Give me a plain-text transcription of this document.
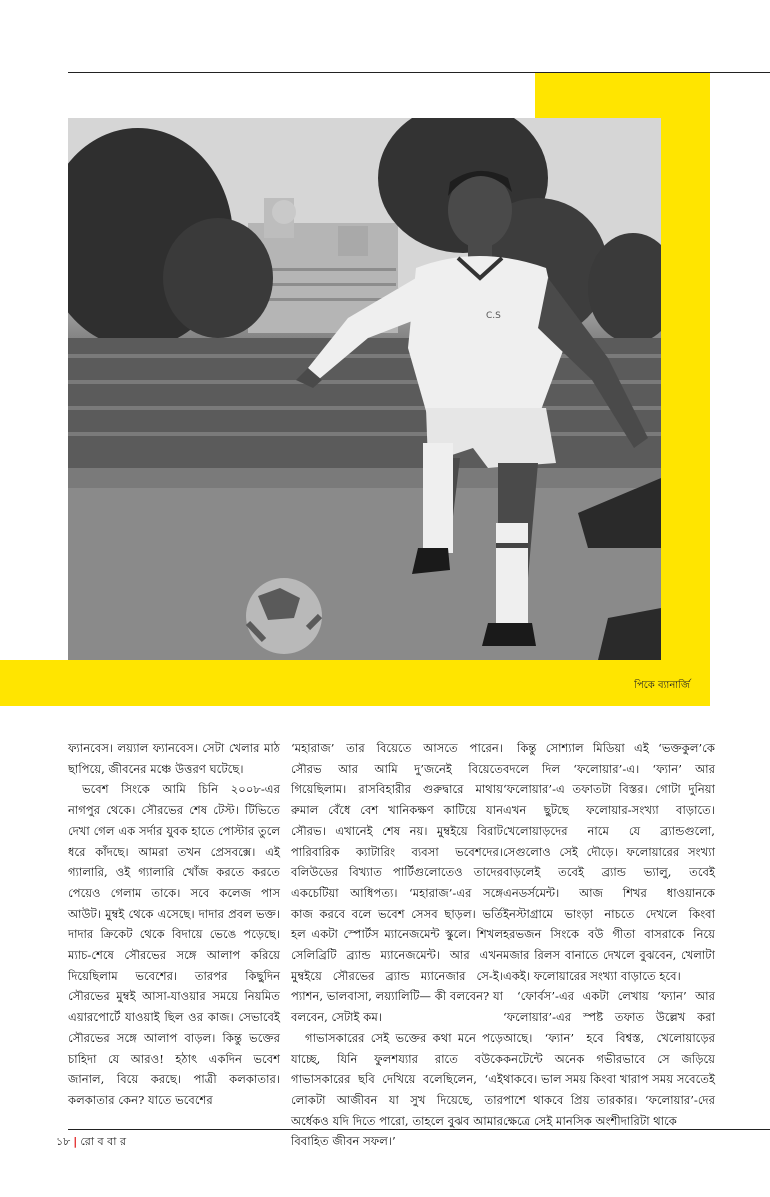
C.S
পিকে ব্যানার্জি

ফ্যানবেস। লয়্যাল ফ্যানবেস। সেটা খেলার মাঠ ছাপিয়ে, জীবনের মঞ্চে উত্তরণ ঘটেছে।

ভবেশ সিংকে আমি চিনি ২০০৮-এর নাগপুর থেকে। সৌরভের শেষ টেস্ট। টিভিতে দেখা গেল এক সর্দার যুবক হাতে পোস্টার তুলে ধরে কাঁদছে। আমরা তখন প্রেসবক্সে। এই গ্যালারি, ওই গ্যালারি খোঁজ করতে করতে পেয়েও গেলাম তাকে। সবে কলেজ পাস আউট। মুম্বই থেকে এসেছে। দাদার প্রবল ভক্ত। দাদার ক্রিকেট থেকে বিদায়ে ভেঙে পড়েছে। ম্যাচ-শেষে সৌরভের সঙ্গে আলাপ করিয়ে দিয়েছিলাম ভবেশের। তারপর কিছুদিন সৌরভের মুম্বই আসা-যাওয়ার সময়ে নিয়মিত এয়ারপোর্টে যাওয়াই ছিল ওর কাজ। সেভাবেই সৌরভের সঙ্গে আলাপ বাড়ল। কিন্তু ভক্তের চাহিদা যে আরও! হঠাৎ একদিন ভবেশ জানাল, বিয়ে করছে। পাত্রী কলকাতার। কলকাতার কেন? যাতে ভবেশের

‘মহারাজ’ তার বিয়েতে আসতে পারেন। সৌরভ আর আমি দু’জনেই বিয়েতে গিয়েছিলাম। রাসবিহারীর গুরুদ্বারে মাথায় রুমাল বেঁধে বেশ খানিকক্ষণ কাটিয়ে যান সৌরভ। এখানেই শেষ নয়। মুম্বইয়ে বিরাট পারিবারিক ক্যাটারিং ব্যবসা ভবেশদের। বলিউডের বিখ্যাত পার্টিগুলোতেও তাদের একচেটিয়া আধিপত্য। ‘মহারাজ’-এর সঙ্গে কাজ করবে বলে ভবেশ সেসব ছাড়ল। ভর্তি হল একটা স্পোর্টস ম্যানেজমেন্ট স্কুলে। শিখল সেলিব্রিটি ব্র্যান্ড ম্যানেজমেন্ট। আর এখন মুম্বইয়ে সৌরভের ব্র্যান্ড ম্যানেজার সে-ই। প্যাশন, ভালবাসা, লয়্যালিটি— কী বলবেন? যা বলবেন, সেটাই কম।

গাভাসকারের সেই ভক্তের কথা মনে পড়ে যাচ্ছে, যিনি ফুলশয্যার রাতে বউকে গাভাসকারের ছবি দেখিয়ে বলেছিলেন, ‘এই লোকটা আজীবন যা সুখ দিয়েছে, তার অর্ধেকও যদি দিতে পারো, তাহলে বুঝব আমার বিবাহিত জীবন সফল।’

কিন্তু সোশ্যাল মিডিয়া এই ‘ভক্তকুল’কে বদলে দিল ‘ফলোয়ার’-এ। ‘ফ্যান’ আর ‘ফলোয়ার’-এ তফাতটা বিস্তর। গোটা দুনিয়া এখন ছুটছে ফলোয়ার-সংখ্যা বাড়াতে। খেলোয়াড়দের নামে যে ব্র্যান্ডগুলো, সেগুলোও সেই দৌড়ে। ফলোয়ারের সংখ্যা বাড়লেই তবেই ব্র্যান্ড ভ্যালু, তবেই এনডর্সমেন্ট। আজ শিখর ধাওয়ানকে ইনস্টাগ্রামে ভাংড়া নাচতে দেখলে কিংবা হরভজন সিংকে বউ গীতা বাসরাকে নিয়ে মজার রিলস বানাতে দেখলে বুঝবেন, খেলাটা একই। ফলোয়ারের সংখ্যা বাড়াতে হবে।

‘ফোর্বস’-এর একটা লেখায় ‘ফ্যান’ আর ‘ফলোয়ার’-এর স্পষ্ট তফাত উল্লেখ করা আছে। ‘ফ্যান’ হবে বিশ্বস্ত, খেলোয়াড়ের কনটেন্টে অনেক গভীরভাবে সে জড়িয়ে থাকবে। ভাল সময় কিংবা খারাপ সময় সবেতেই পাশে থাকবে প্রিয় তারকার। ‘ফলোয়ার’-দের ক্ষেত্রে সেই মানসিক অংশীদারিটা থাকে

১৮ | রো ব বা র
